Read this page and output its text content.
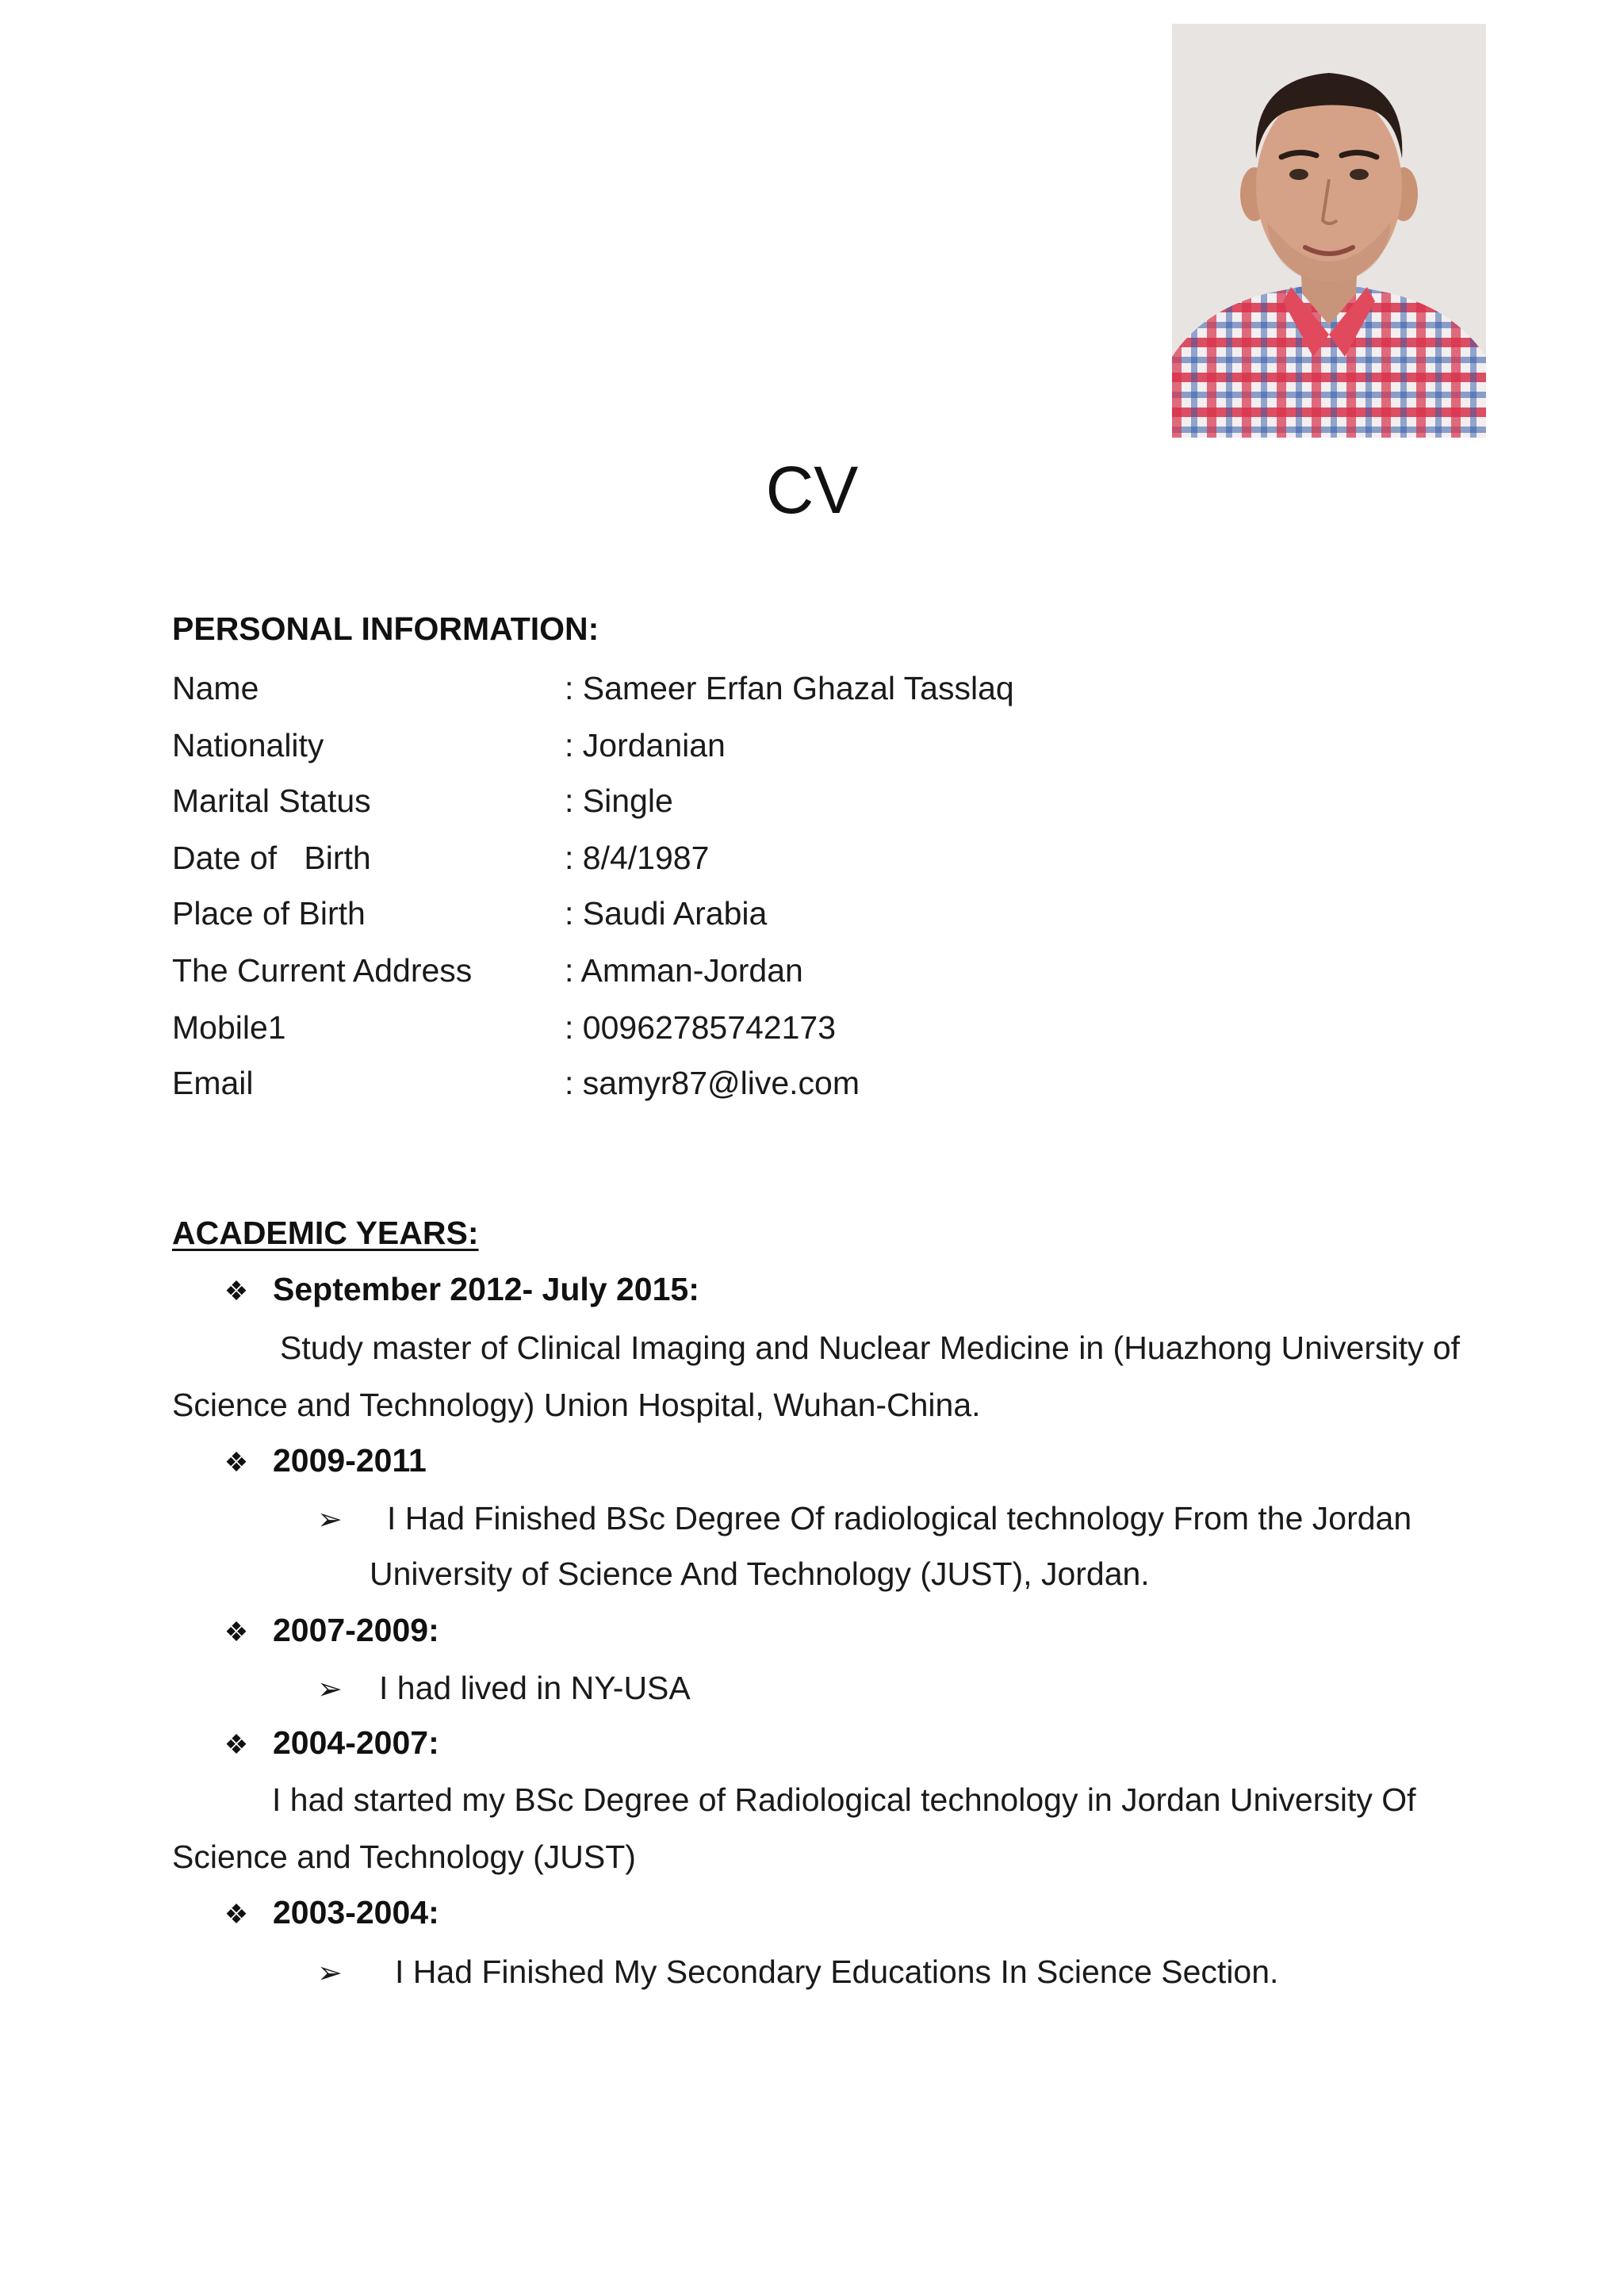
CV
PERSONAL INFORMATION:
Name	: Sameer Erfan Ghazal Tasslaq
Nationality	: Jordanian
Marital Status	: Single
Date of   Birth	: 8/4/1987
Place of Birth	: Saudi Arabia
The Current Address	: Amman-Jordan
Mobile1	: 00962785742173
Email	: samyr87@live.com
ACADEMIC YEARS:
❖ September 2012- July 2015:
Study master of Clinical Imaging and Nuclear Medicine in (Huazhong University of
Science and Technology) Union Hospital, Wuhan-China.
❖ 2009-2011
➢ I Had Finished BSc Degree Of radiological technology From the Jordan
University of Science And Technology (JUST), Jordan.
❖ 2007-2009:
➢ I had lived in NY-USA
❖ 2004-2007:
I had started my BSc Degree of Radiological technology in Jordan University Of
Science and Technology (JUST)
❖ 2003-2004:
➢ I Had Finished My Secondary Educations In Science Section.
